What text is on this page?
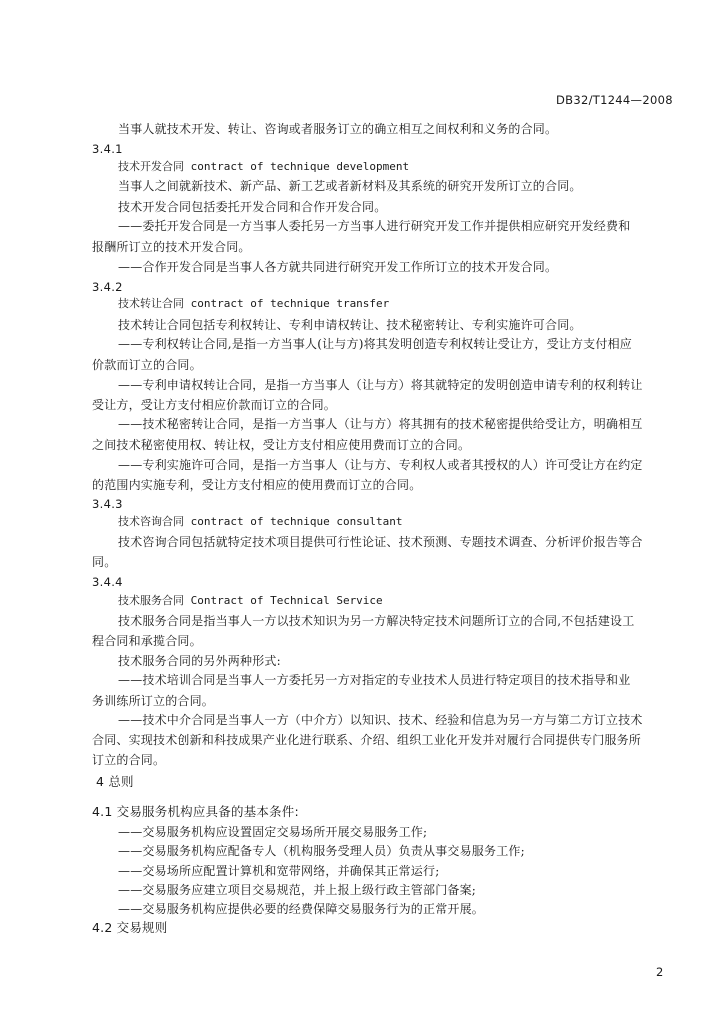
DB32/T1244—2008
当事人就技术开发、转让、咨询或者服务订立的确立相互之间权利和义务的合同。
3.4.1
技术开发合同 contract of technique development
当事人之间就新技术、新产品、新工艺或者新材料及其系统的研究开发所订立的合同。
技术开发合同包括委托开发合同和合作开发合同。
——委托开发合同是一方当事人委托另一方当事人进行研究开发工作并提供相应研究开发经费和
报酬所订立的技术开发合同。
——合作开发合同是当事人各方就共同进行研究开发工作所订立的技术开发合同。
3.4.2
技术转让合同 contract of technique transfer
技术转让合同包括专利权转让、专利申请权转让、技术秘密转让、专利实施许可合同。
——专利权转让合同,是指一方当事人(让与方)将其发明创造专利权转让受让方，受让方支付相应
价款而订立的合同。
——专利申请权转让合同，是指一方当事人（让与方）将其就特定的发明创造申请专利的权利转让
受让方，受让方支付相应价款而订立的合同。
——技术秘密转让合同，是指一方当事人（让与方）将其拥有的技术秘密提供给受让方，明确相互
之间技术秘密使用权、转让权，受让方支付相应使用费而订立的合同。
——专利实施许可合同，是指一方当事人（让与方、专利权人或者其授权的人）许可受让方在约定
的范围内实施专利，受让方支付相应的使用费而订立的合同。
3.4.3
技术咨询合同 contract of technique consultant
技术咨询合同包括就特定技术项目提供可行性论证、技术预测、专题技术调查、分析评价报告等合
同。
3.4.4
技术服务合同 Contract of Technical Service
技术服务合同是指当事人一方以技术知识为另一方解决特定技术问题所订立的合同,不包括建设工
程合同和承揽合同。
技术服务合同的另外两种形式:
——技术培训合同是当事人一方委托另一方对指定的专业技术人员进行特定项目的技术指导和业
务训练所订立的合同。
——技术中介合同是当事人一方（中介方）以知识、技术、经验和信息为另一方与第二方订立技术
合同、实现技术创新和科技成果产业化进行联系、介绍、组织工业化开发并对履行合同提供专门服务所
订立的合同。
4 总则
4.1 交易服务机构应具备的基本条件:
——交易服务机构应设置固定交易场所开展交易服务工作;
——交易服务机构应配备专人（机构服务受理人员）负责从事交易服务工作;
——交易场所应配置计算机和宽带网络，并确保其正常运行;
——交易服务应建立项目交易规范，并上报上级行政主管部门备案;
——交易服务机构应提供必要的经费保障交易服务行为的正常开展。
4.2 交易规则
2
